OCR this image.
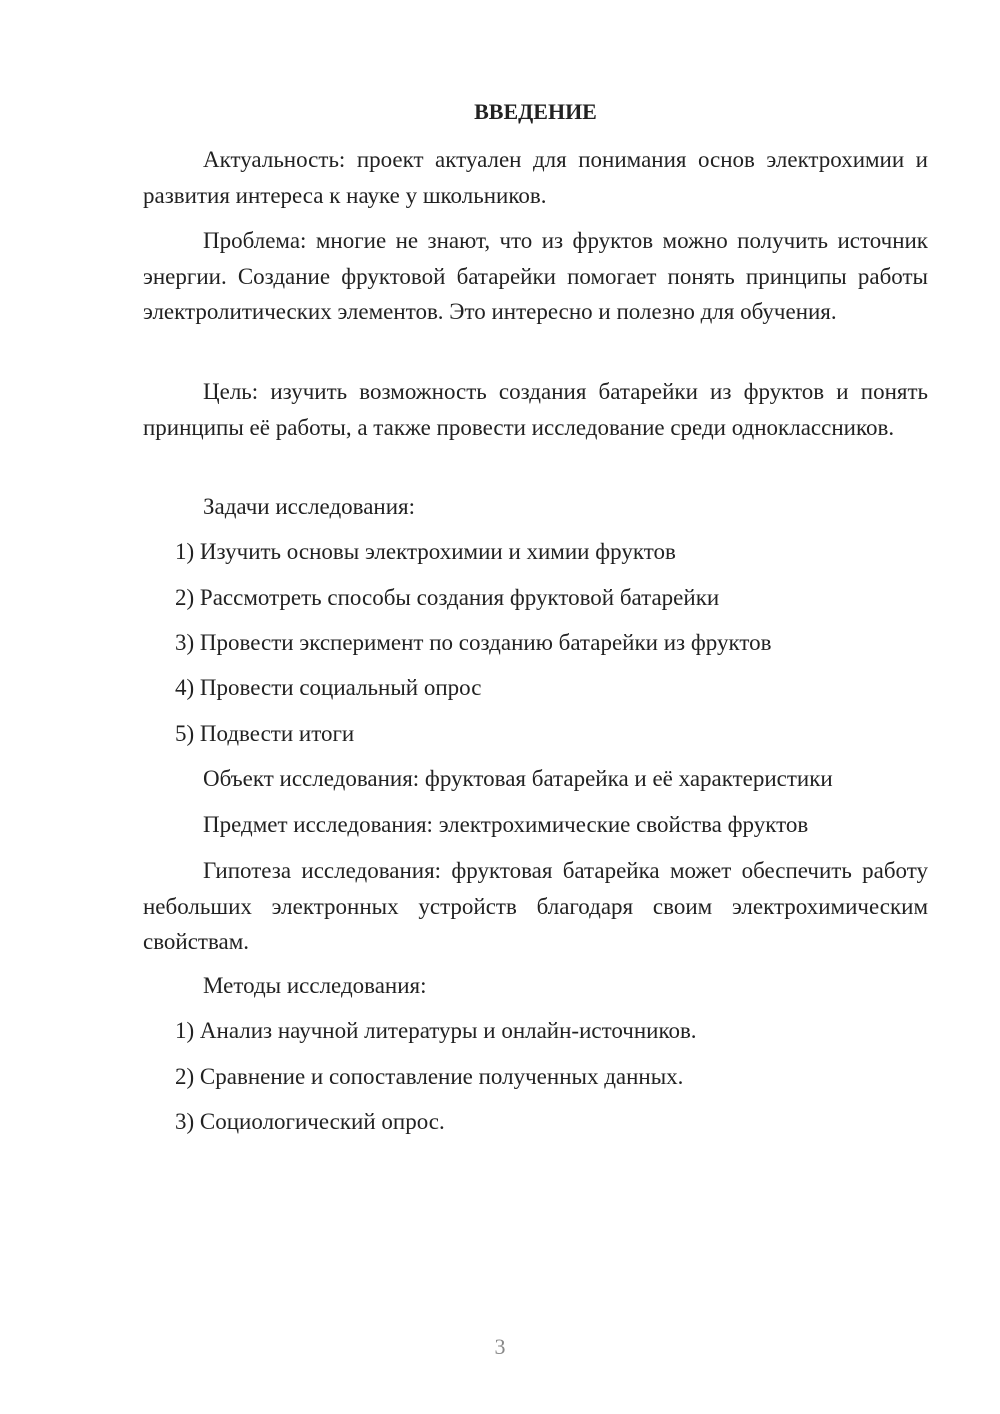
ВВЕДЕНИЕ

Актуальность: проект актуален для понимания основ электрохимии и развития интереса к науке у школьников.

Проблема: многие не знают, что из фруктов можно получить источник энергии. Создание фруктовой батарейки помогает понять принципы работы электролитических элементов. Это интересно и полезно для обучения.

Цель: изучить возможность создания батарейки из фруктов и понять принципы её работы, а также провести исследование среди одноклассников.

Задачи исследования:

1) Изучить основы электрохимии и химии фруктов

2) Рассмотреть способы создания фруктовой батарейки

3) Провести эксперимент по созданию батарейки из фруктов

4) Провести социальный опрос

5) Подвести итоги

Объект исследования: фруктовая батарейка и её характеристики

Предмет исследования: электрохимические свойства фруктов

Гипотеза исследования: фруктовая батарейка может обеспечить работу небольших электронных устройств благодаря своим электрохимическим свойствам.

Методы исследования:

1) Анализ научной литературы и онлайн-источников.

2) Сравнение и сопоставление полученных данных.

3) Социологический опрос.

3
